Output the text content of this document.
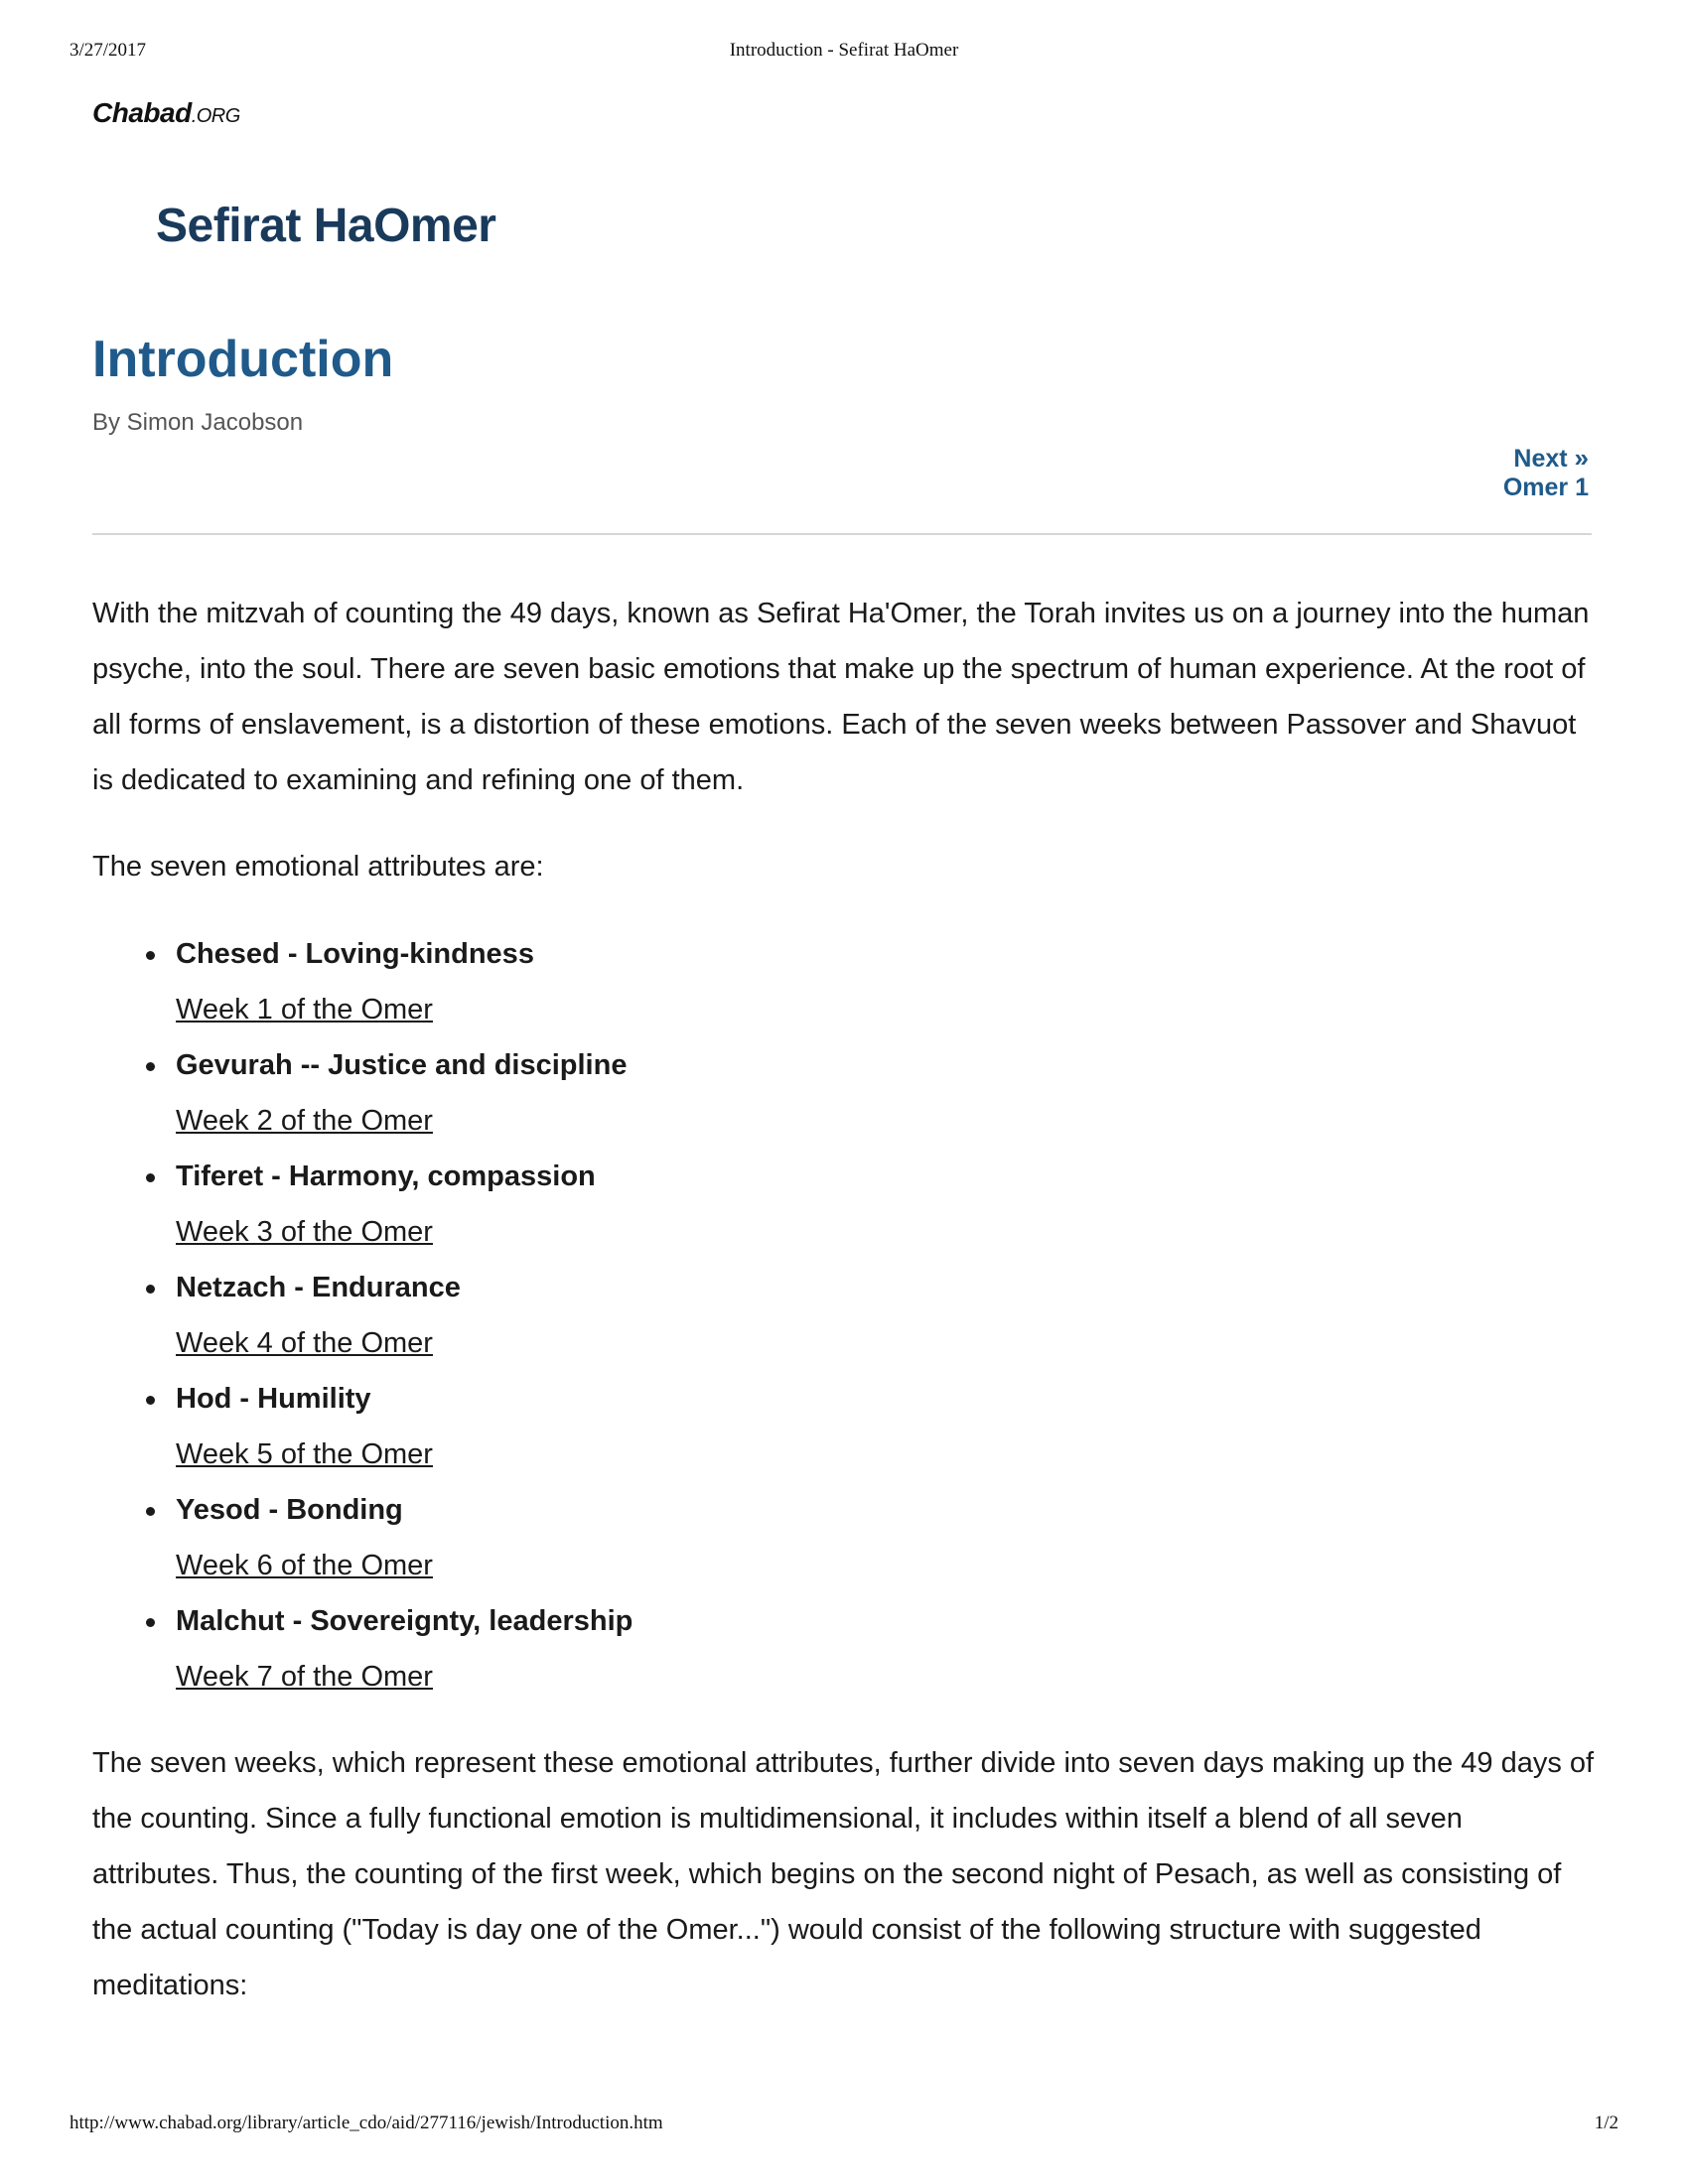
3/27/2017	Introduction - Sefirat HaOmer
Chabad.ORG
Sefirat HaOmer
Introduction
By Simon Jacobson
Next »
Omer 1

With the mitzvah of counting the 49 days, known as Sefirat Ha'Omer, the Torah invites us on a journey into the human psyche, into the soul. There are seven basic emotions that make up the spectrum of human experience. At the root of all forms of enslavement, is a distortion of these emotions. Each of the seven weeks between Passover and Shavuot is dedicated to examining and refining one of them.

The seven emotional attributes are:

Chesed - Loving-kindness
Week 1 of the Omer
Gevurah -- Justice and discipline
Week 2 of the Omer
Tiferet - Harmony, compassion
Week 3 of the Omer
Netzach - Endurance
Week 4 of the Omer
Hod - Humility
Week 5 of the Omer
Yesod - Bonding
Week 6 of the Omer
Malchut - Sovereignty, leadership
Week 7 of the Omer

The seven weeks, which represent these emotional attributes, further divide into seven days making up the 49 days of the counting. Since a fully functional emotion is multidimensional, it includes within itself a blend of all seven attributes. Thus, the counting of the first week, which begins on the second night of Pesach, as well as consisting of the actual counting ("Today is day one of the Omer...") would consist of the following structure with suggested meditations:

http://www.chabad.org/library/article_cdo/aid/277116/jewish/Introduction.htm	1/2
